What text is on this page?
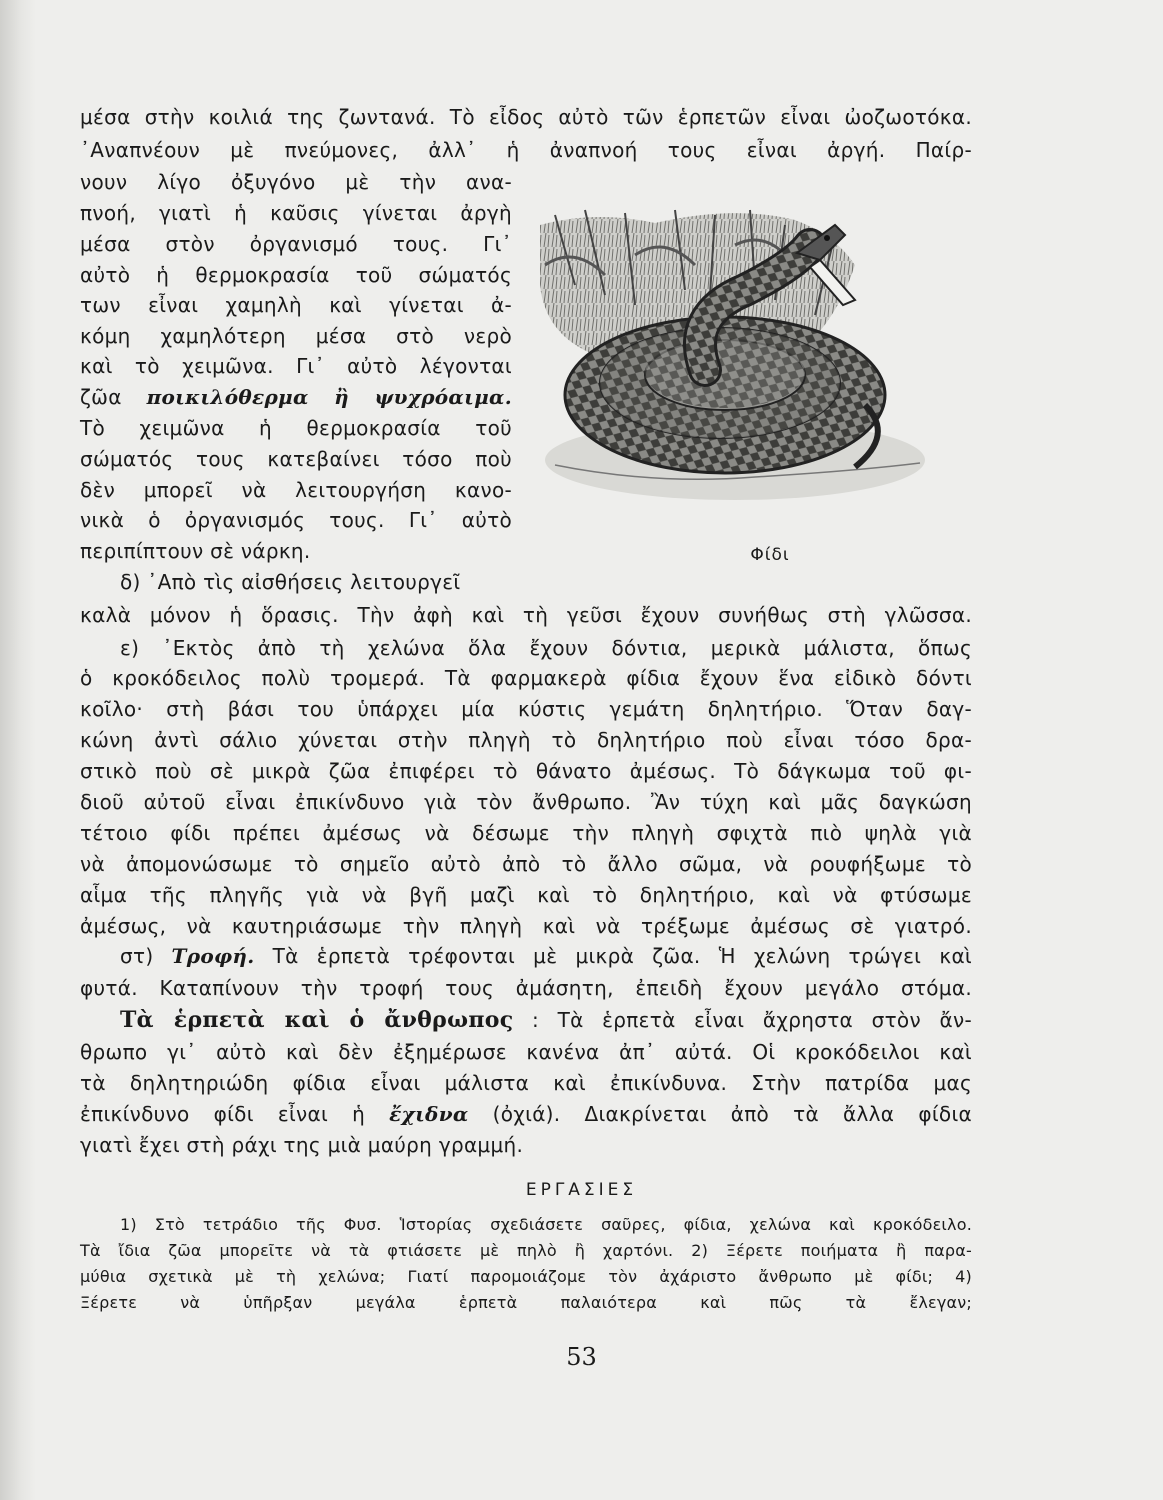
μέσα στὴν κοιλιά της ζωντανά. Τὸ εἶδος αὐτὸ τῶν ἑρπετῶν εἶναι ὠοζωοτόκα.
᾿Αναπνέουν μὲ πνεύμονες, ἀλλ᾿ ἡ ἀναπνοή τους εἶναι ἀργή. Παίρ-
νουν λίγο ὀξυγόνο μὲ τὴν ανα-
πνοή, γιατὶ ἡ καῦσις γίνεται ἀργὴ
μέσα στὸν ὀργανισμό τους. Γι᾿
αὐτὸ ἡ θερμοκρασία τοῦ σώματός
των εἶναι χαμηλὴ καὶ γίνεται ἀ-
κόμη χαμηλότερη μέσα στὸ νερὸ
καὶ τὸ χειμῶνα. Γι᾿ αὐτὸ λέγονται
ζῶα ποικιλόθερμα ἢ ψυχρόαιμα.
Τὸ χειμῶνα ἡ θερμοκρασία τοῦ
σώματός τους κατεβαίνει τόσο ποὺ
δὲν μπορεῖ νὰ λειτουργήση κανο-
νικὰ ὁ ὀργανισμός τους. Γι᾿ αὐτὸ
περιπίπτουν σὲ νάρκη.
δ) ᾿Απὸ τὶς αἰσθήσεις λειτουργεῖ
Φίδι
καλὰ μόνον ἡ ὅρασις. Τὴν ἀφὴ καὶ τὴ γεῦσι ἔχουν συνήθως στὴ γλῶσσα.
ε) ᾿Εκτὸς ἀπὸ τὴ χελώνα ὅλα ἔχουν δόντια, μερικὰ μάλιστα, ὅπως
ὁ κροκόδειλος πολὺ τρομερά. Τὰ φαρμακερὰ φίδια ἔχουν ἕνα εἰδικὸ δόντι
κοῖλο· στὴ βάσι του ὑπάρχει μία κύστις γεμάτη δηλητήριο. Ὅταν δαγ-
κώνη ἀντὶ σάλιο χύνεται στὴν πληγὴ τὸ δηλητήριο ποὺ εἶναι τόσο δρα-
στικὸ ποὺ σὲ μικρὰ ζῶα ἐπιφέρει τὸ θάνατο ἀμέσως. Τὸ δάγκωμα τοῦ φι-
διοῦ αὐτοῦ εἶναι ἐπικίνδυνο γιὰ τὸν ἄνθρωπο. Ἂν τύχη καὶ μᾶς δαγκώση
τέτοιο φίδι πρέπει ἀμέσως νὰ δέσωμε τὴν πληγὴ σφιχτὰ πιὸ ψηλὰ γιὰ
νὰ ἀπομονώσωμε τὸ σημεῖο αὐτὸ ἀπὸ τὸ ἄλλο σῶμα, νὰ ρουφήξωμε τὸ
αἷμα τῆς πληγῆς γιὰ νὰ βγῆ μαζὶ καὶ τὸ δηλητήριο, καὶ νὰ φτύσωμε
ἀμέσως, νὰ καυτηριάσωμε τὴν πληγὴ καὶ νὰ τρέξωμε ἀμέσως σὲ γιατρό.
στ) Τροφή. Τὰ ἑρπετὰ τρέφονται μὲ μικρὰ ζῶα. Ἡ χελώνη τρώγει καὶ
φυτά. Καταπίνουν τὴν τροφή τους ἀμάσητη, ἐπειδὴ ἔχουν μεγάλο στόμα.
Τὰ ἑρπετὰ καὶ ὁ ἄνθρωπος : Τὰ ἑρπετὰ εἶναι ἄχρηστα στὸν ἄν-
θρωπο γι᾿ αὐτὸ καὶ δὲν ἐξημέρωσε κανένα ἀπ᾿ αὐτά. Οἱ κροκόδειλοι καὶ
τὰ δηλητηριώδη φίδια εἶναι μάλιστα καὶ ἐπικίνδυνα. Στὴν πατρίδα μας
ἐπικίνδυνο φίδι εἶναι ἡ ἔχιδνα (ὀχιά). Διακρίνεται ἀπὸ τὰ ἄλλα φίδια
γιατὶ ἔχει στὴ ράχι της μιὰ μαύρη γραμμή.
ΕΡΓΑΣΙΕΣ
1) Στὸ τετράδιο τῆς Φυσ. Ἱστορίας σχεδιάσετε σαῦρες, φίδια, χελώνα καὶ κροκόδειλο.
Τὰ ἴδια ζῶα μπορεῖτε νὰ τὰ φτιάσετε μὲ πηλὸ ἢ χαρτόνι. 2) Ξέρετε ποιήματα ἢ παρα-
μύθια σχετικὰ μὲ τὴ χελώνα; Γιατί παρομοιάζομε τὸν ἀχάριστο ἄνθρωπο μὲ φίδι; 4)
Ξέρετε νὰ ὑπῆρξαν μεγάλα ἑρπετὰ παλαιότερα καὶ πῶς τὰ ἔλεγαν;
53
